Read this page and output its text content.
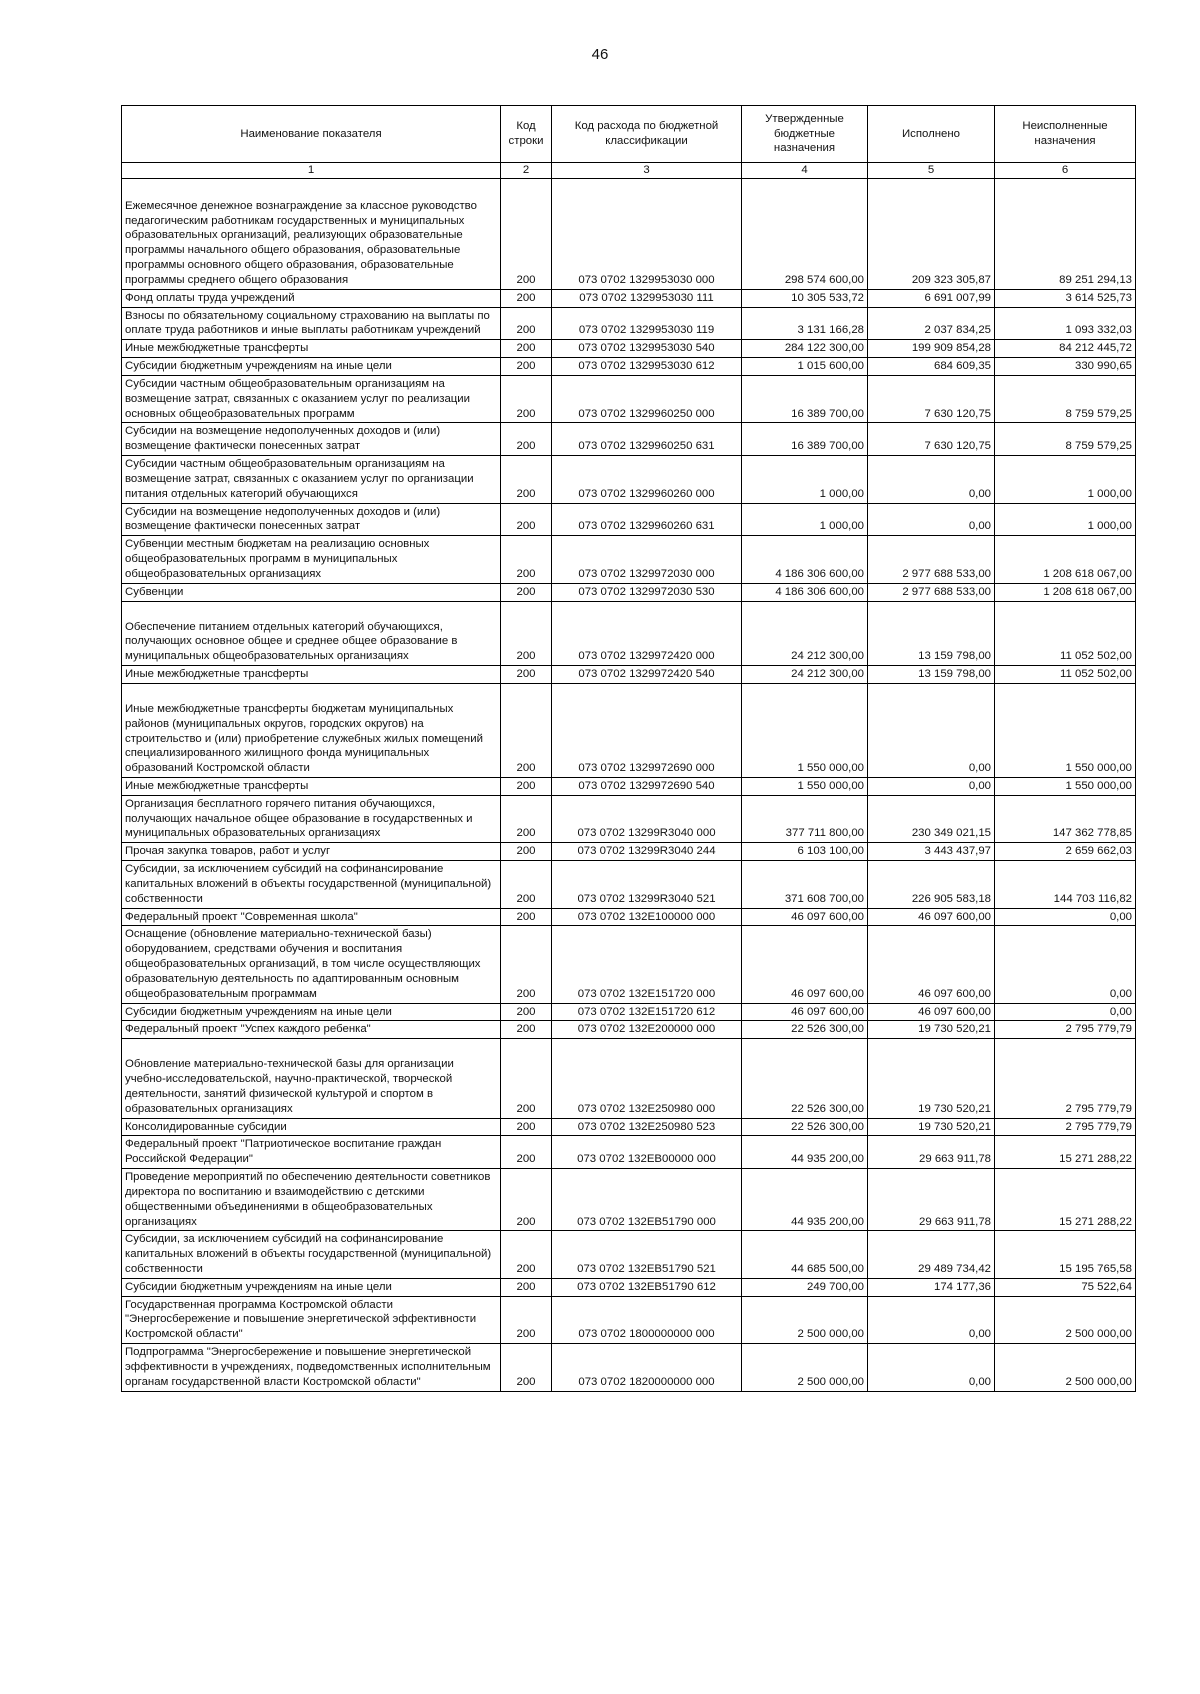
46
Наименование показателя	Код строки	Код расхода по бюджетной классификации	Утвержденные бюджетные назначения	Исполнено	Неисполненные назначения
1	2	3	4	5	6
Ежемесячное денежное вознаграждение за классное руководство педагогическим работникам государственных и муниципальных образовательных организаций, реализующих образовательные программы начального общего образования, образовательные программы основного общего образования, образовательные программы среднего общего образования	200	073 0702 1329953030 000	298 574 600,00	209 323 305,87	89 251 294,13
Фонд оплаты труда учреждений	200	073 0702 1329953030 111	10 305 533,72	6 691 007,99	3 614 525,73
Взносы по обязательному социальному страхованию на выплаты по оплате труда работников и иные выплаты работникам учреждений	200	073 0702 1329953030 119	3 131 166,28	2 037 834,25	1 093 332,03
Иные межбюджетные трансферты	200	073 0702 1329953030 540	284 122 300,00	199 909 854,28	84 212 445,72
Субсидии бюджетным учреждениям на иные цели	200	073 0702 1329953030 612	1 015 600,00	684 609,35	330 990,65
Субсидии частным общеобразовательным организациям на возмещение затрат, связанных с оказанием услуг по реализации основных общеобразовательных программ	200	073 0702 1329960250 000	16 389 700,00	7 630 120,75	8 759 579,25
Субсидии на возмещение недополученных доходов и (или) возмещение фактически понесенных затрат	200	073 0702 1329960250 631	16 389 700,00	7 630 120,75	8 759 579,25
Субсидии частным общеобразовательным организациям на возмещение затрат, связанных с оказанием услуг по организации питания отдельных категорий обучающихся	200	073 0702 1329960260 000	1 000,00	0,00	1 000,00
Субсидии на возмещение недополученных доходов и (или) возмещение фактически понесенных затрат	200	073 0702 1329960260 631	1 000,00	0,00	1 000,00
Субвенции местным бюджетам на реализацию основных общеобразовательных программ в муниципальных общеобразовательных организациях	200	073 0702 1329972030 000	4 186 306 600,00	2 977 688 533,00	1 208 618 067,00
Субвенции	200	073 0702 1329972030 530	4 186 306 600,00	2 977 688 533,00	1 208 618 067,00
Обеспечение питанием отдельных категорий обучающихся, получающих основное общее и среднее общее образование в муниципальных общеобразовательных организациях	200	073 0702 1329972420 000	24 212 300,00	13 159 798,00	11 052 502,00
Иные межбюджетные трансферты	200	073 0702 1329972420 540	24 212 300,00	13 159 798,00	11 052 502,00
Иные межбюджетные трансферты бюджетам муниципальных районов (муниципальных округов, городских округов) на строительство и (или) приобретение служебных жилых помещений специализированного жилищного фонда муниципальных образований Костромской области	200	073 0702 1329972690 000	1 550 000,00	0,00	1 550 000,00
Иные межбюджетные трансферты	200	073 0702 1329972690 540	1 550 000,00	0,00	1 550 000,00
Организация бесплатного горячего питания обучающихся, получающих начальное общее образование в государственных и муниципальных образовательных организациях	200	073 0702 13299R3040 000	377 711 800,00	230 349 021,15	147 362 778,85
Прочая закупка товаров, работ и услуг	200	073 0702 13299R3040 244	6 103 100,00	3 443 437,97	2 659 662,03
Субсидии, за исключением субсидий на софинансирование капитальных вложений в объекты государственной (муниципальной) собственности	200	073 0702 13299R3040 521	371 608 700,00	226 905 583,18	144 703 116,82
Федеральный проект "Современная школа"	200	073 0702 132E100000 000	46 097 600,00	46 097 600,00	0,00
Оснащение (обновление материально-технической базы) оборудованием, средствами обучения и воспитания общеобразовательных организаций, в том числе осуществляющих образовательную деятельность по адаптированным основным общеобразовательным программам	200	073 0702 132E151720 000	46 097 600,00	46 097 600,00	0,00
Субсидии бюджетным учреждениям на иные цели	200	073 0702 132E151720 612	46 097 600,00	46 097 600,00	0,00
Федеральный проект "Успех каждого ребенка"	200	073 0702 132E200000 000	22 526 300,00	19 730 520,21	2 795 779,79
Обновление материально-технической базы для организации учебно-исследовательской, научно-практической, творческой деятельности, занятий физической культурой и спортом в образовательных организациях	200	073 0702 132E250980 000	22 526 300,00	19 730 520,21	2 795 779,79
Консолидированные субсидии	200	073 0702 132E250980 523	22 526 300,00	19 730 520,21	2 795 779,79
Федеральный проект "Патриотическое воспитание граждан Российской Федерации"	200	073 0702 132EB00000 000	44 935 200,00	29 663 911,78	15 271 288,22
Проведение мероприятий по обеспечению деятельности советников директора по воспитанию и взаимодействию с детскими общественными объединениями в общеобразовательных организациях	200	073 0702 132EB51790 000	44 935 200,00	29 663 911,78	15 271 288,22
Субсидии, за исключением субсидий на софинансирование капитальных вложений в объекты государственной (муниципальной) собственности	200	073 0702 132EB51790 521	44 685 500,00	29 489 734,42	15 195 765,58
Субсидии бюджетным учреждениям на иные цели	200	073 0702 132EB51790 612	249 700,00	174 177,36	75 522,64
Государственная программа Костромской области "Энергосбережение и повышение энергетической эффективности Костромской области"	200	073 0702 1800000000 000	2 500 000,00	0,00	2 500 000,00
Подпрограмма "Энергосбережение и повышение энергетической эффективности в учреждениях, подведомственных исполнительным органам государственной власти Костромской области"	200	073 0702 1820000000 000	2 500 000,00	0,00	2 500 000,00
